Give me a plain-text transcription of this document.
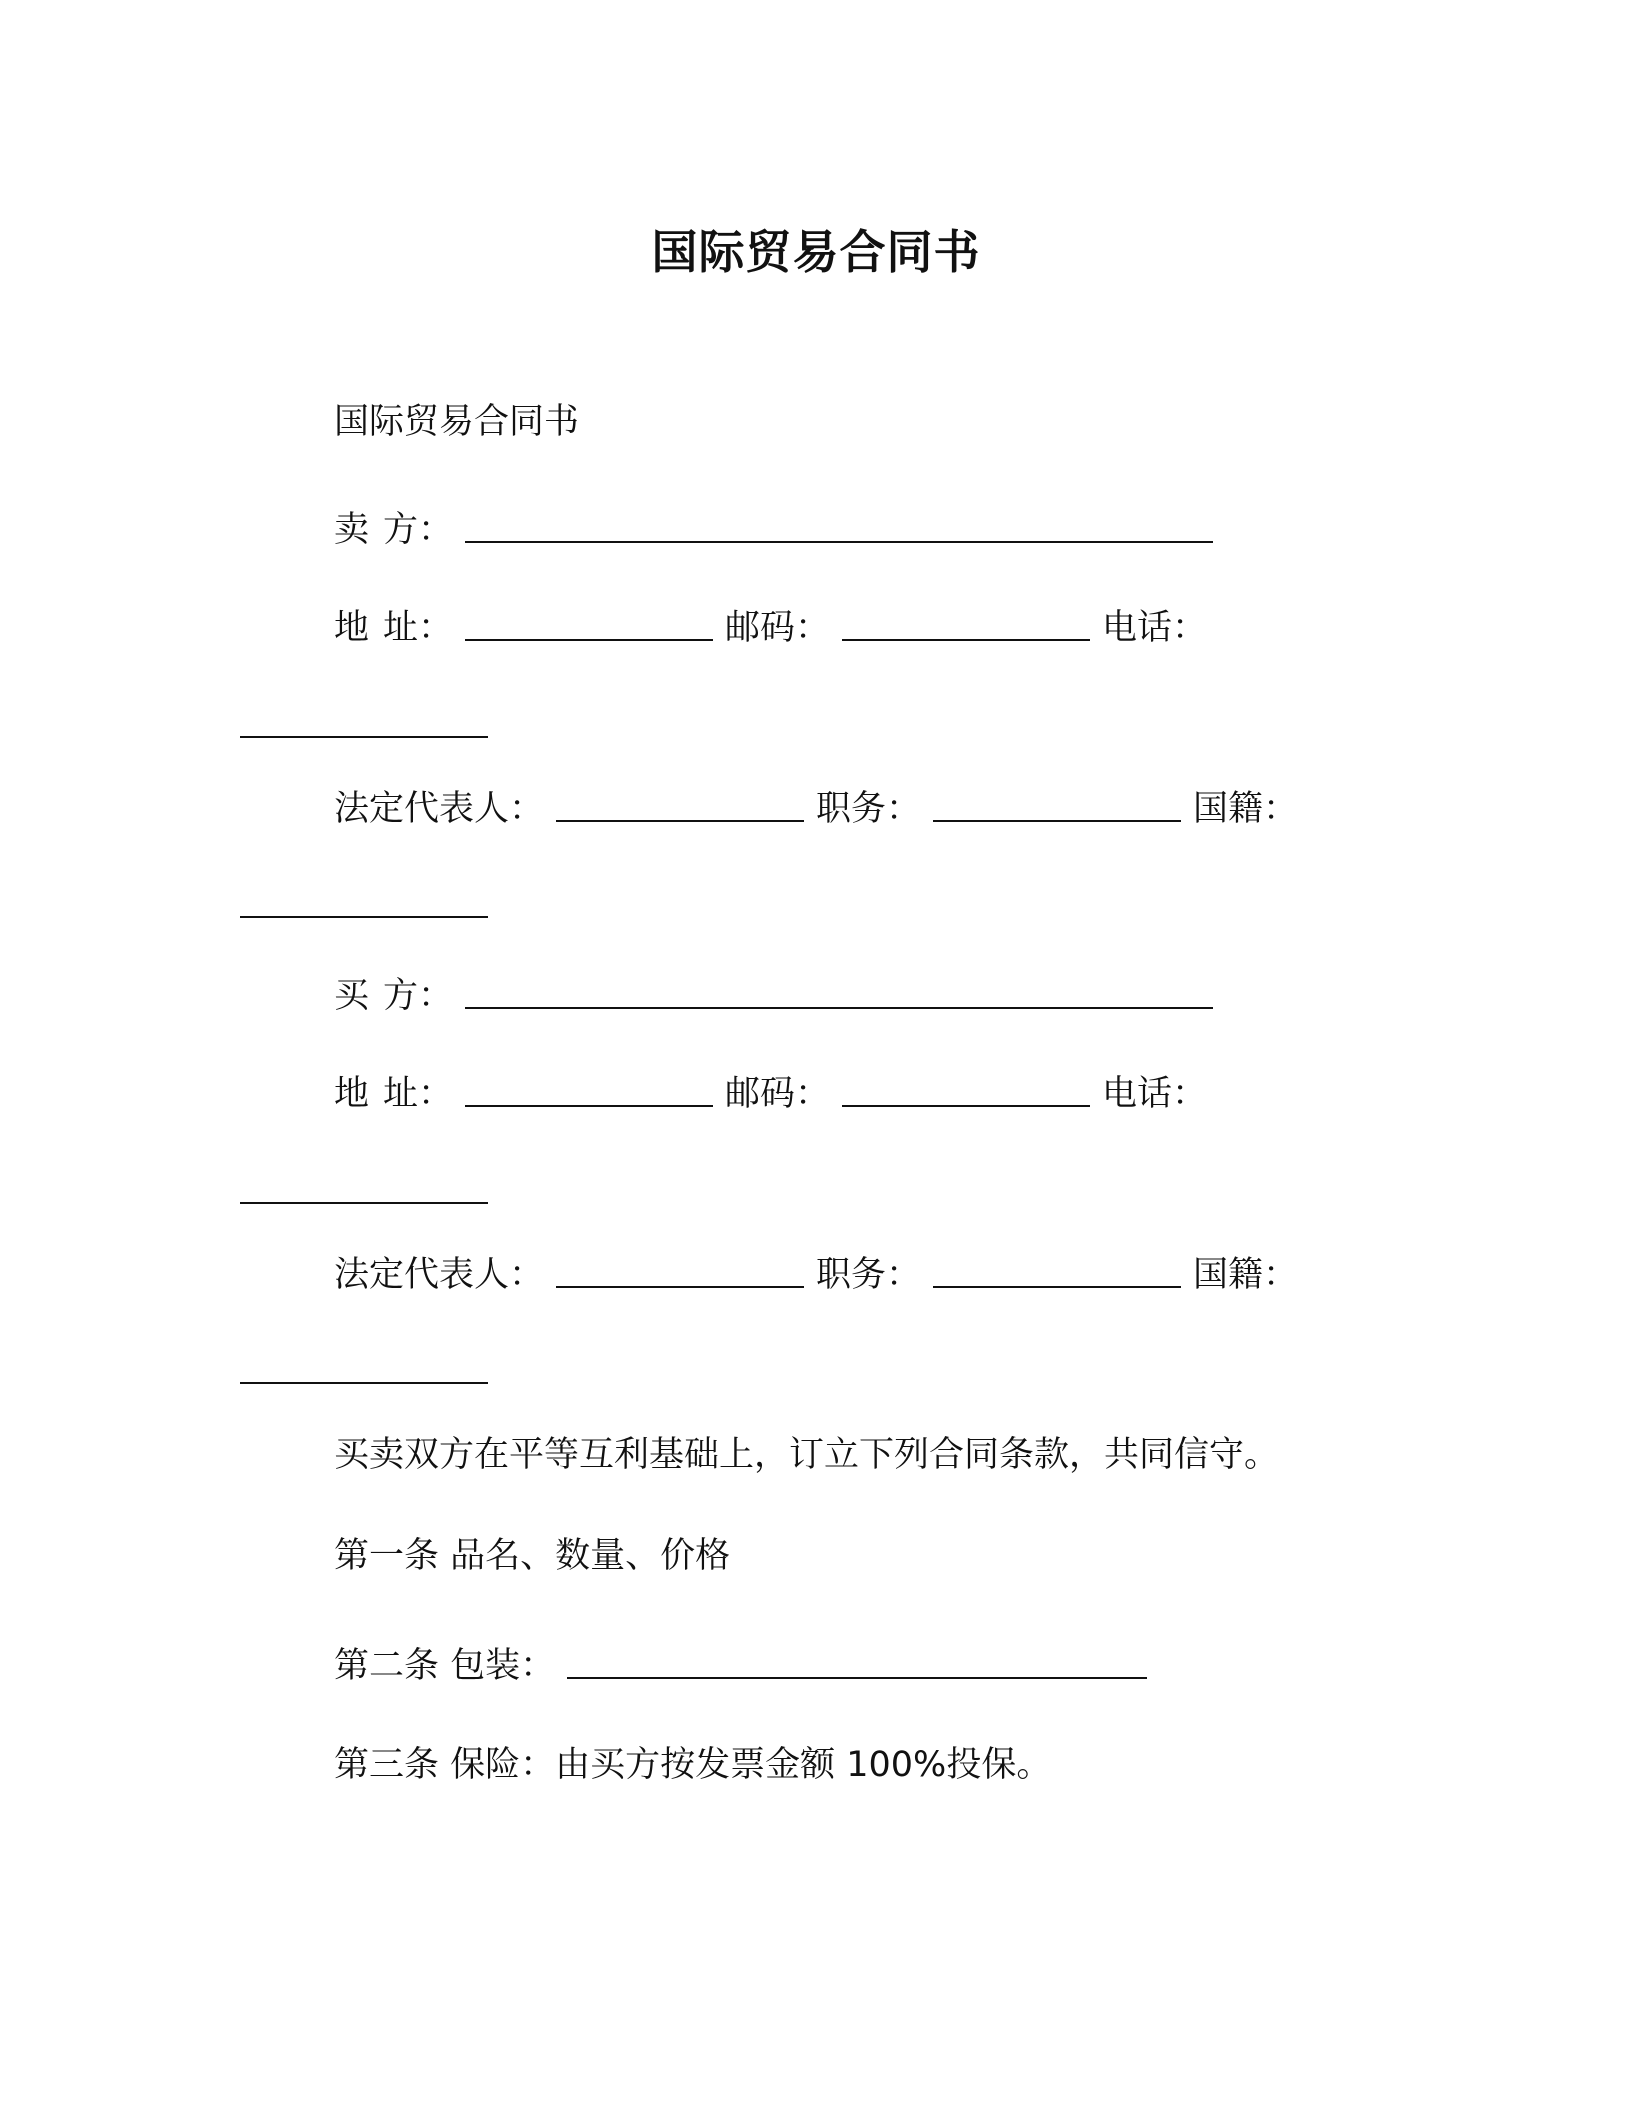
国际贸易合同书
国际贸易合同书
卖 方：
地 址：	邮码：	电话：
法定代表人：	职务：	国籍：
买 方：
地 址：	邮码：	电话：
法定代表人：	职务：	国籍：
买卖双方在平等互利基础上，订立下列合同条款，共同信守。
第一条 品名、数量、价格
第二条 包装：
第三条 保险：由买方按发票金额 100%投保。
